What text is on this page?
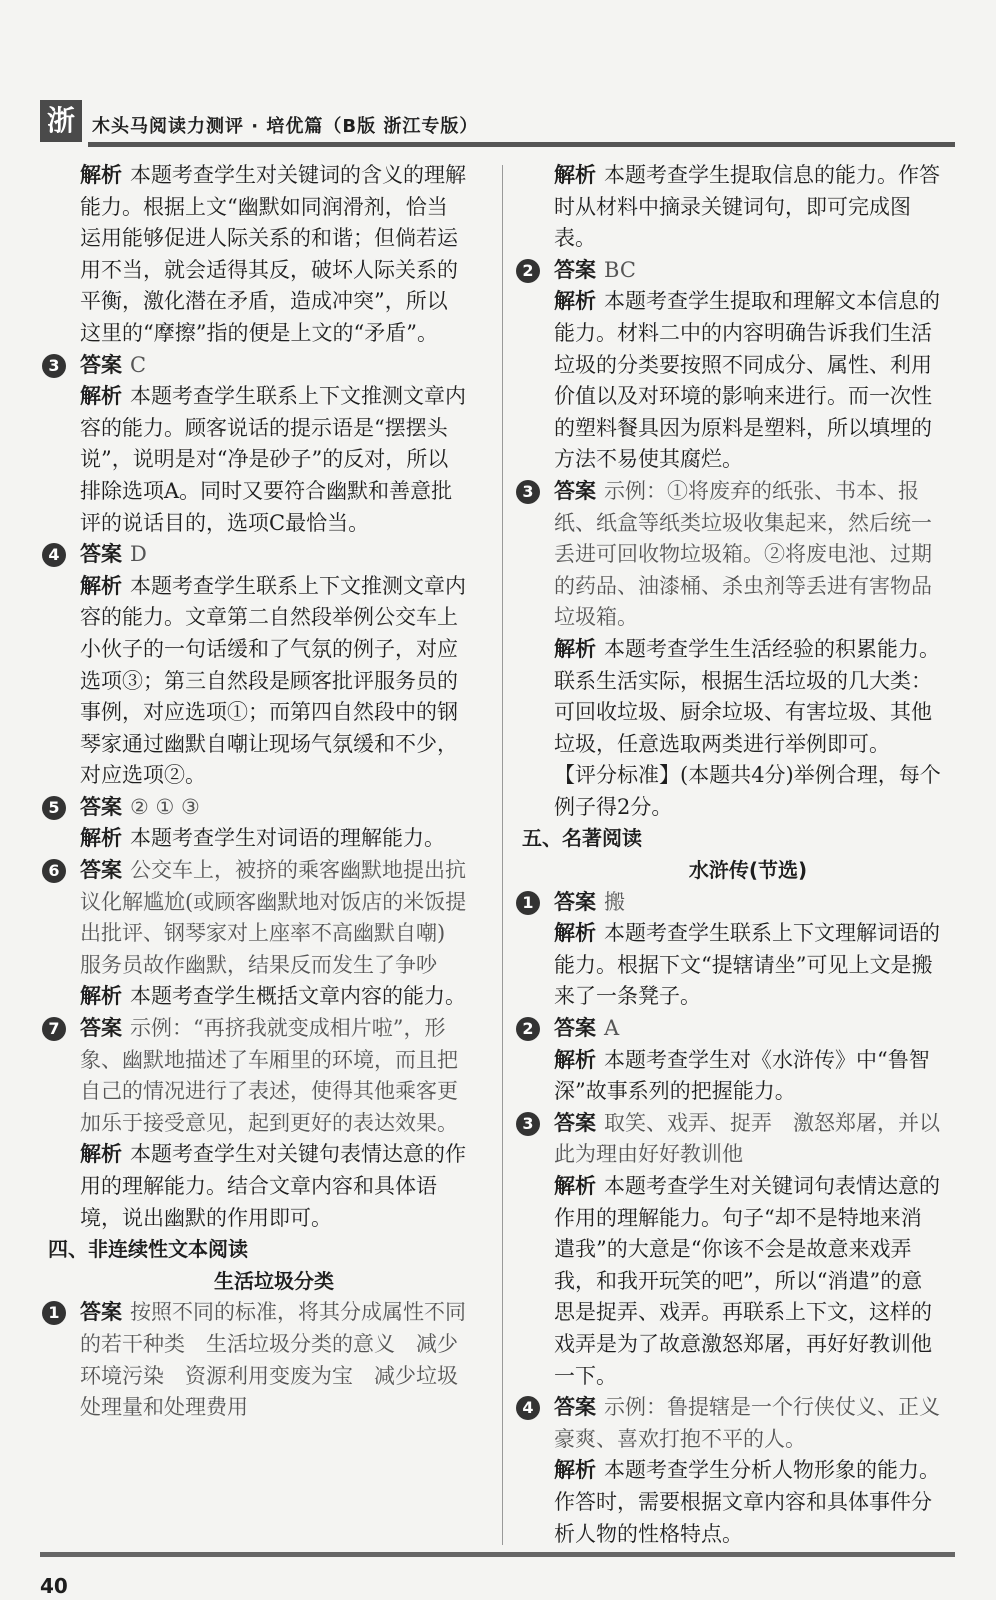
浙 木头马阅读力测评 · 培优篇（B版 浙江专版）
解析 本题考查学生对关键词的含义的理解能力。根据上文“幽默如同润滑剂，恰当运用能够促进人际关系的和谐；但倘若运用不当，就会适得其反，破坏人际关系的平衡，激化潜在矛盾，造成冲突”，所以这里的“摩擦”指的便是上文的“矛盾”。
3 答案 C
解析 本题考查学生联系上下文推测文章内容的能力。顾客说话的提示语是“摆摆头说”，说明是对“净是砂子”的反对，所以排除选项A。同时又要符合幽默和善意批评的说话目的，选项C最恰当。
4 答案 D
解析 本题考查学生联系上下文推测文章内容的能力。文章第二自然段举例公交车上小伙子的一句话缓和了气氛的例子，对应选项③；第三自然段是顾客批评服务员的事例，对应选项①；而第四自然段中的钢琴家通过幽默自嘲让现场气氛缓和不少，对应选项②。
5 答案 ② ① ③
解析 本题考查学生对词语的理解能力。
6 答案 公交车上，被挤的乘客幽默地提出抗议化解尴尬(或顾客幽默地对饭店的米饭提出批评、钢琴家对上座率不高幽默自嘲)　服务员故作幽默，结果反而发生了争吵
解析 本题考查学生概括文章内容的能力。
7 答案 示例：“再挤我就变成相片啦”，形象、幽默地描述了车厢里的环境，而且把自己的情况进行了表述，使得其他乘客更加乐于接受意见，起到更好的表达效果。
解析 本题考查学生对关键句表情达意的作用的理解能力。结合文章内容和具体语境，说出幽默的作用即可。
四、非连续性文本阅读
生活垃圾分类
1 答案 按照不同的标准，将其分成属性不同的若干种类　生活垃圾分类的意义　减少环境污染　资源利用变废为宝　减少垃圾处理量和处理费用
解析 本题考查学生提取信息的能力。作答时从材料中摘录关键词句，即可完成图表。
2 答案 BC
解析 本题考查学生提取和理解文本信息的能力。材料二中的内容明确告诉我们生活垃圾的分类要按照不同成分、属性、利用价值以及对环境的影响来进行。而一次性的塑料餐具因为原料是塑料，所以填埋的方法不易使其腐烂。
3 答案 示例：①将废弃的纸张、书本、报纸、纸盒等纸类垃圾收集起来，然后统一丢进可回收物垃圾箱。②将废电池、过期的药品、油漆桶、杀虫剂等丢进有害物品垃圾箱。
解析 本题考查学生生活经验的积累能力。联系生活实际，根据生活垃圾的几大类：可回收垃圾、厨余垃圾、有害垃圾、其他垃圾，任意选取两类进行举例即可。
【评分标准】(本题共4分)举例合理，每个例子得2分。
五、名著阅读
水浒传(节选)
1 答案 搬
解析 本题考查学生联系上下文理解词语的能力。根据下文“提辖请坐”可见上文是搬来了一条凳子。
2 答案 A
解析 本题考查学生对《水浒传》中“鲁智深”故事系列的把握能力。
3 答案 取笑、戏弄、捉弄　激怒郑屠，并以此为理由好好教训他
解析 本题考查学生对关键词句表情达意的作用的理解能力。句子“却不是特地来消遣我”的大意是“你该不会是故意来戏弄我，和我开玩笑的吧”，所以“消遣”的意思是捉弄、戏弄。再联系上下文，这样的戏弄是为了故意激怒郑屠，再好好教训他一下。
4 答案 示例：鲁提辖是一个行侠仗义、正义豪爽、喜欢打抱不平的人。
解析 本题考查学生分析人物形象的能力。作答时，需要根据文章内容和具体事件分析人物的性格特点。
40
